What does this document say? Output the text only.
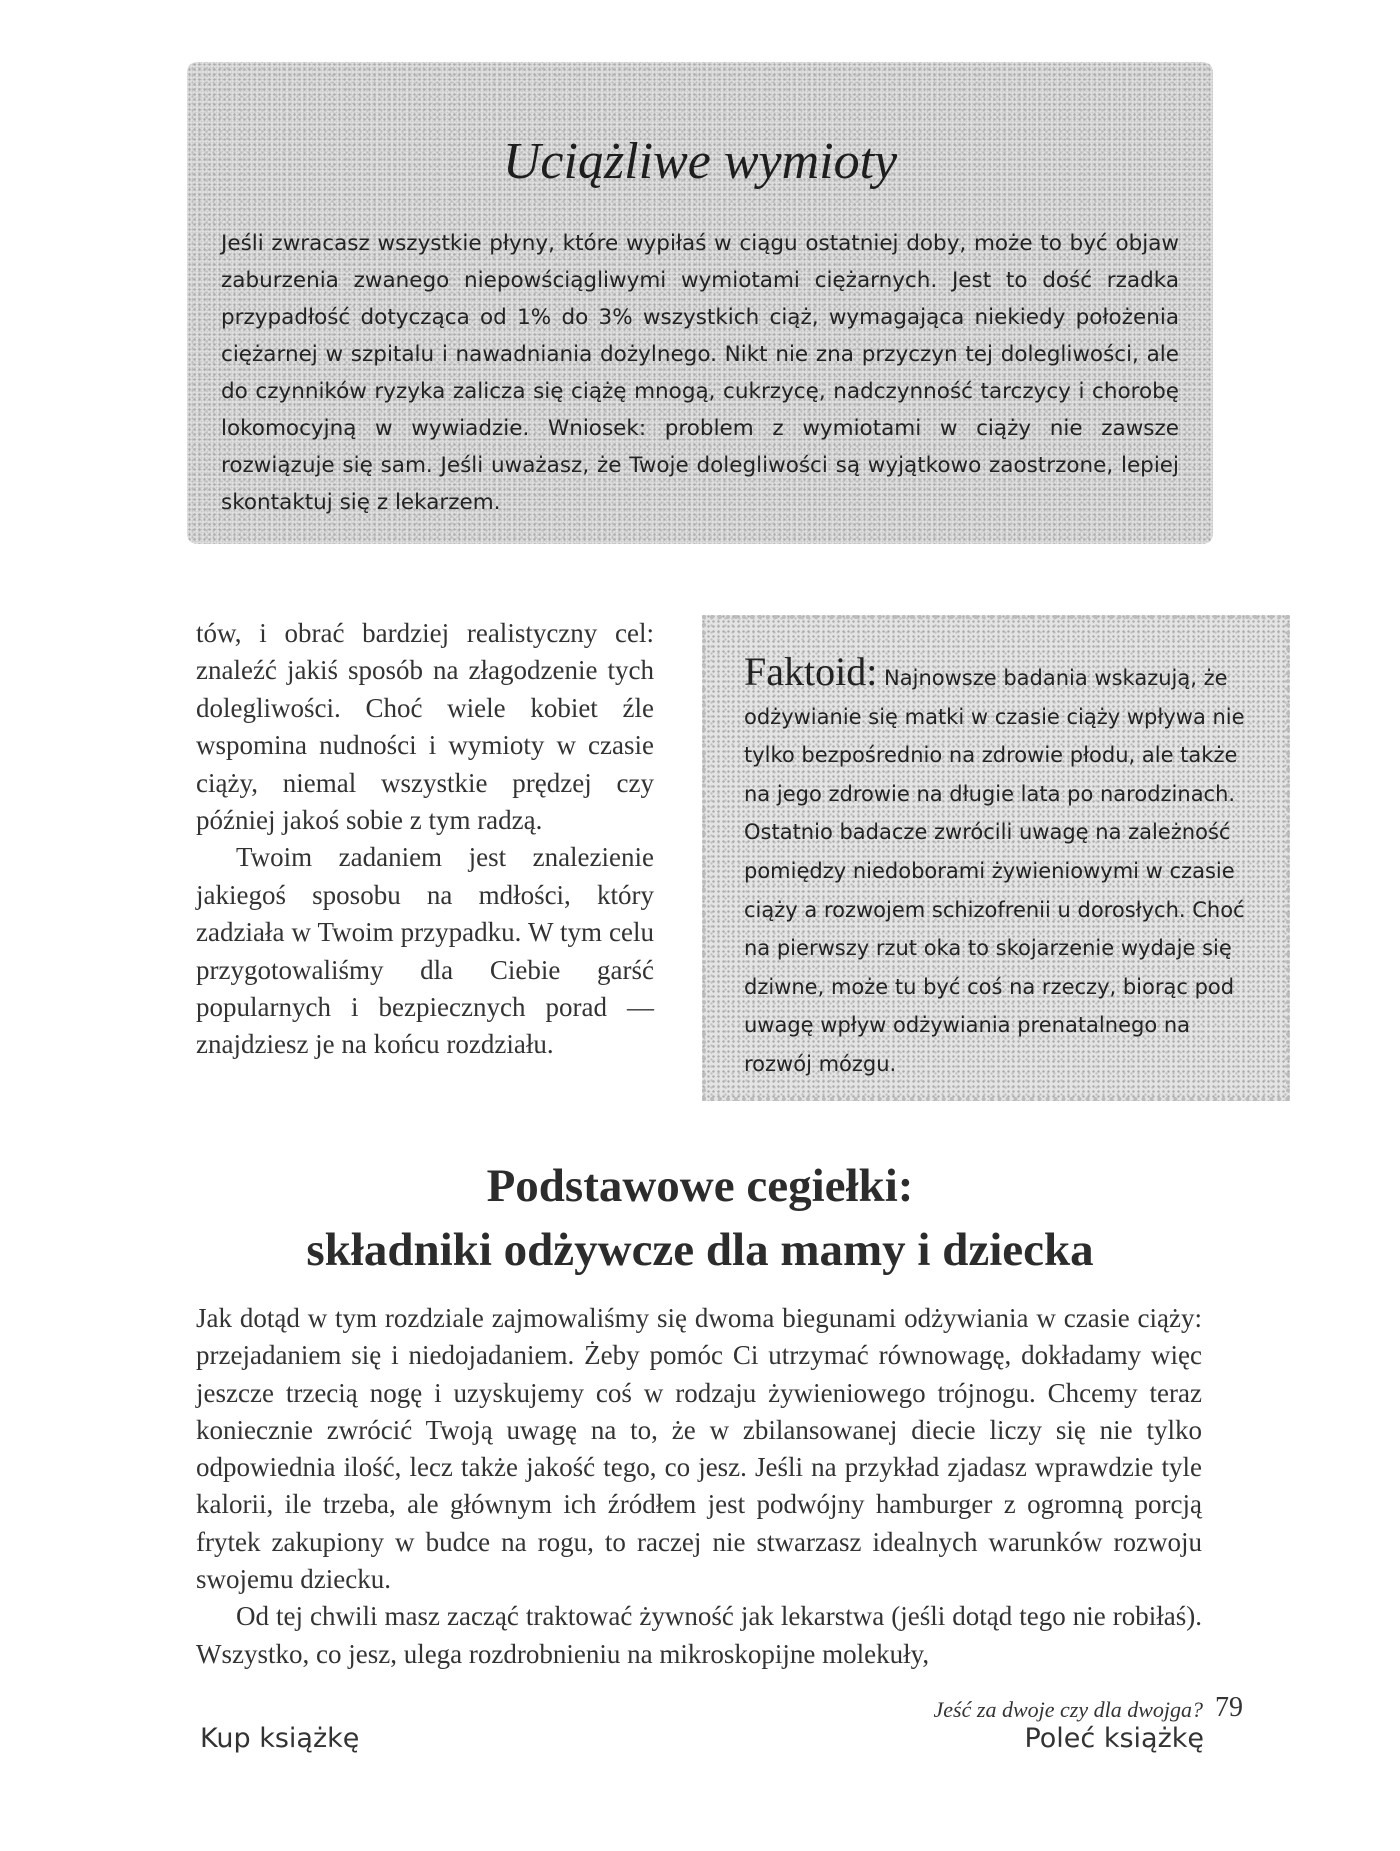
Uciążliwe wymioty

Jeśli zwracasz wszystkie płyny, które wypiłaś w ciągu ostatniej doby, może to być objaw zaburzenia zwanego niepowściągliwymi wymiotami ciężarnych. Jest to dość rzadka przypadłość dotycząca od 1% do 3% wszystkich ciąż, wymagająca niekiedy położenia ciężarnej w szpitalu i nawadniania dożylnego. Nikt nie zna przyczyn tej dolegliwości, ale do czynników ryzyka zalicza się ciążę mnogą, cukrzycę, nadczynność tarczycy i chorobę lokomocyjną w wywiadzie. Wniosek: problem z wymiotami w ciąży nie zawsze rozwiązuje się sam. Jeśli uważasz, że Twoje dolegliwości są wyjątkowo zaostrzone, lepiej skontaktuj się z lekarzem.

tów, i obrać bardziej realistyczny cel: znaleźć jakiś sposób na złagodzenie tych dolegliwości. Choć wiele kobiet źle wspomina nudności i wymioty w czasie ciąży, niemal wszystkie prędzej czy później jakoś sobie z tym radzą.

Twoim zadaniem jest znalezienie jakiegoś sposobu na mdłości, który zadziała w Twoim przypadku. W tym celu przygotowaliśmy dla Ciebie garść popularnych i bezpiecznych porad — znajdziesz je na końcu rozdziału.

Faktoid: Najnowsze badania wskazują, że odżywianie się matki w czasie ciąży wpływa nie tylko bezpośrednio na zdrowie płodu, ale także na jego zdrowie na długie lata po narodzinach. Ostatnio badacze zwrócili uwagę na zależność pomiędzy niedoborami żywieniowymi w czasie ciąży a rozwojem schizofrenii u dorosłych. Choć na pierwszy rzut oka to skojarzenie wydaje się dziwne, może tu być coś na rzeczy, biorąc pod uwagę wpływ odżywiania prenatalnego na rozwój mózgu.

Podstawowe cegiełki:
składniki odżywcze dla mamy i dziecka

Jak dotąd w tym rozdziale zajmowaliśmy się dwoma biegunami odżywiania w czasie ciąży: przejadaniem się i niedojadaniem. Żeby pomóc Ci utrzymać równowagę, dokładamy więc jeszcze trzecią nogę i uzyskujemy coś w rodzaju żywieniowego trójnogu. Chcemy teraz koniecznie zwrócić Twoją uwagę na to, że w zbilansowanej diecie liczy się nie tylko odpowiednia ilość, lecz także jakość tego, co jesz. Jeśli na przykład zjadasz wprawdzie tyle kalorii, ile trzeba, ale głównym ich źródłem jest podwójny hamburger z ogromną porcją frytek zakupiony w budce na rogu, to raczej nie stwarzasz idealnych warunków rozwoju swojemu dziecku.

Od tej chwili masz zacząć traktować żywność jak lekarstwa (jeśli dotąd tego nie robiłaś). Wszystko, co jesz, ulega rozdrobnieniu na mikroskopijne molekuły,

Jeść za dwoje czy dla dwojga? 79
Kup książkę	Poleć książkę
